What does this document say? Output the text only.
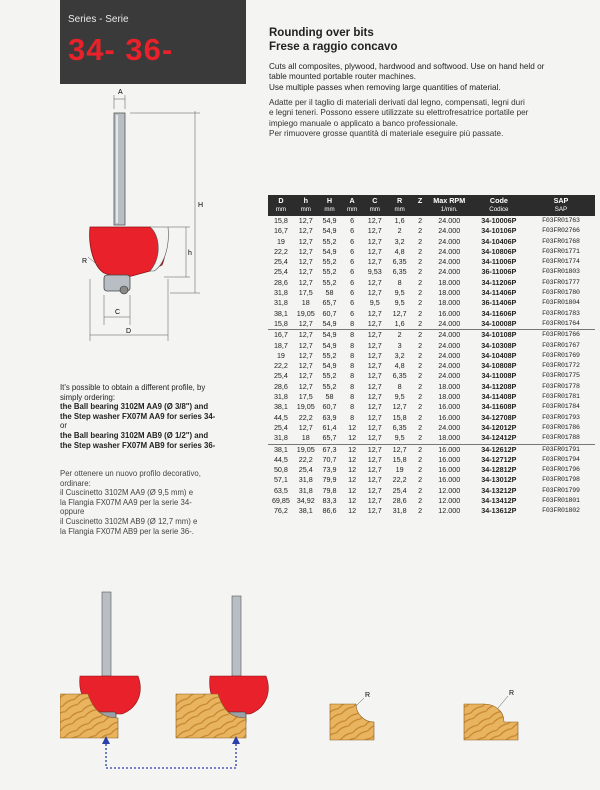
Series - Serie
34- 36-	Rounding over bits
Frese a raggio concavo

Cuts all composites, plywood, hardwood and softwood. Use on hand held or

table mounted portable router machines.

Use multiple passes when removing large quantities of material.

Adatte per il taglio di materiali derivati dal legno, compensati, legni duri

e legni teneri. Possono essere utilizzate su elettrofresatrice portatile per

impiego manuale o applicato a banco professionale.

Per rimuovere grosse quantità di materiale eseguire più passate.

A
H
h
R
C
D
D	h	H	A	C	R	Z	Max RPM	Code	SAP
mm	mm	mm	mm	mm	mm		1/min.	Codice	SAP
15,8	12,7	54,9	6	12,7	1,6	2	24.000	34-10006P	F03FR01763
16,7	12,7	54,9	6	12,7	2	2	24.000	34-10106P	F03FR02766
19	12,7	55,2	6	12,7	3,2	2	24.000	34-10406P	F03FR01768
22,2	12,7	54,9	6	12,7	4,8	2	24.000	34-10806P	F03FR01771
25,4	12,7	55,2	6	12,7	6,35	2	24.000	34-11006P	F03FR01774
25,4	12,7	55,2	6	9,53	6,35	2	24.000	36-11006P	F03FR01803
28,6	12,7	55,2	6	12,7	8	2	18.000	34-11206P	F03FR01777
31,8	17,5	58	6	12,7	9,5	2	18.000	34-11406P	F03FR01780
31,8	18	65,7	6	9,5	9,5	2	18.000	36-11406P	F03FR01804
38,1	19,05	60,7	6	12,7	12,7	2	16.000	34-11606P	F03FR01783
15,8	12,7	54,9	8	12,7	1,6	2	24.000	34-10008P	F03FR01764
16,7	12,7	54,9	8	12,7	2	2	24.000	34-10108P	F03FR01766
18,7	12,7	54,9	8	12,7	3	2	24.000	34-10308P	F03FR01767
19	12,7	55,2	8	12,7	3,2	2	24.000	34-10408P	F03FR01769
22,2	12,7	54,9	8	12,7	4,8	2	24.000	34-10808P	F03FR01772
25,4	12,7	55,2	8	12,7	6,35	2	24.000	34-11008P	F03FR01775
28,6	12,7	55,2	8	12,7	8	2	18.000	34-11208P	F03FR01778
31,8	17,5	58	8	12,7	9,5	2	18.000	34-11408P	F03FR01781
38,1	19,05	60,7	8	12,7	12,7	2	16.000	34-11608P	F03FR01784
44,5	22,2	63,9	8	12,7	15,8	2	16.000	34-12708P	F03FR01793
25,4	12,7	61,4	12	12,7	6,35	2	24.000	34-12012P	F03FR01786
31,8	18	65,7	12	12,7	9,5	2	18.000	34-12412P	F03FR01788
38,1	19,05	67,3	12	12,7	12,7	2	16.000	34-12612P	F03FR01791
44,5	22,2	70,7	12	12,7	15,8	2	16.000	34-12712P	F03FR01794
50,8	25,4	73,9	12	12,7	19	2	16.000	34-12812P	F03FR01796
57,1	31,8	79,9	12	12,7	22,2	2	16.000	34-13012P	F03FR01798
63,5	31,8	79,8	12	12,7	25,4	2	12.000	34-13212P	F03FR01799
69,85	34,92	83,3	12	12,7	28,6	2	12.000	34-13412P	F03FR01801
76,2	38,1	86,6	12	12,7	31,8	2	12.000	34-13612P	F03FR01802

It's possible to obtain a different profile, by

simply ordering:

the Ball bearing 3102M AA9 (Ø 3/8") and

the Step washer FX07M AA9 for series 34-

or

the Ball bearing 3102M AB9 (Ø 1/2") and

the Step washer FX07M AB9 for series 36-

Per ottenere un nuovo profilo decorativo,

ordinare:

il Cuscinetto 3102M AA9 (Ø 9,5 mm) e

la Flangia FX07M AA9 per la serie 34-

oppure

il Cuscinetto 3102M AB9 (Ø 12,7 mm) e

la Flangia FX07M AB9 per la serie 36-.

R	R
